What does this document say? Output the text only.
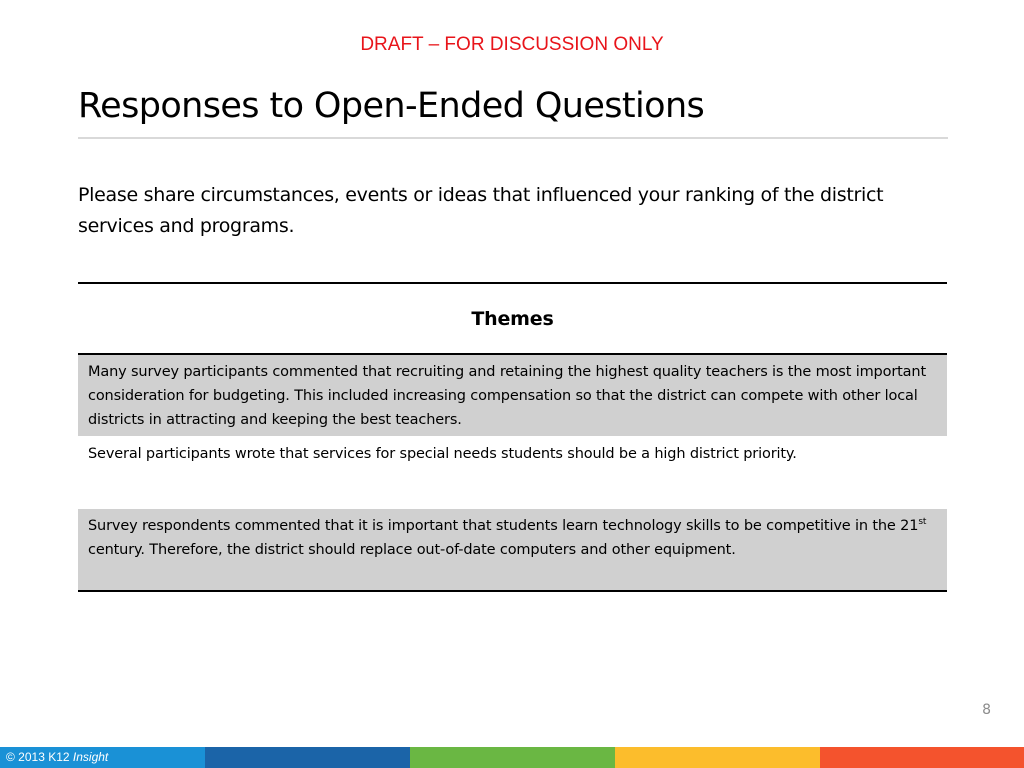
DRAFT – FOR DISCUSSION ONLY
Responses to Open-Ended Questions

Please share circumstances, events or ideas that influenced your ranking of the district services and programs.

Themes
Many survey participants commented that recruiting and retaining the highest quality teachers is the most important consideration for budgeting. This included increasing compensation so that the district can compete with other local districts in attracting and keeping the best teachers.
Several participants wrote that services for special needs students should be a high district priority.
Survey respondents commented that it is important that students learn technology skills to be competitive in the 21st century. Therefore, the district should replace out-of-date computers and other equipment.
8
© 2013 K12 Insight
